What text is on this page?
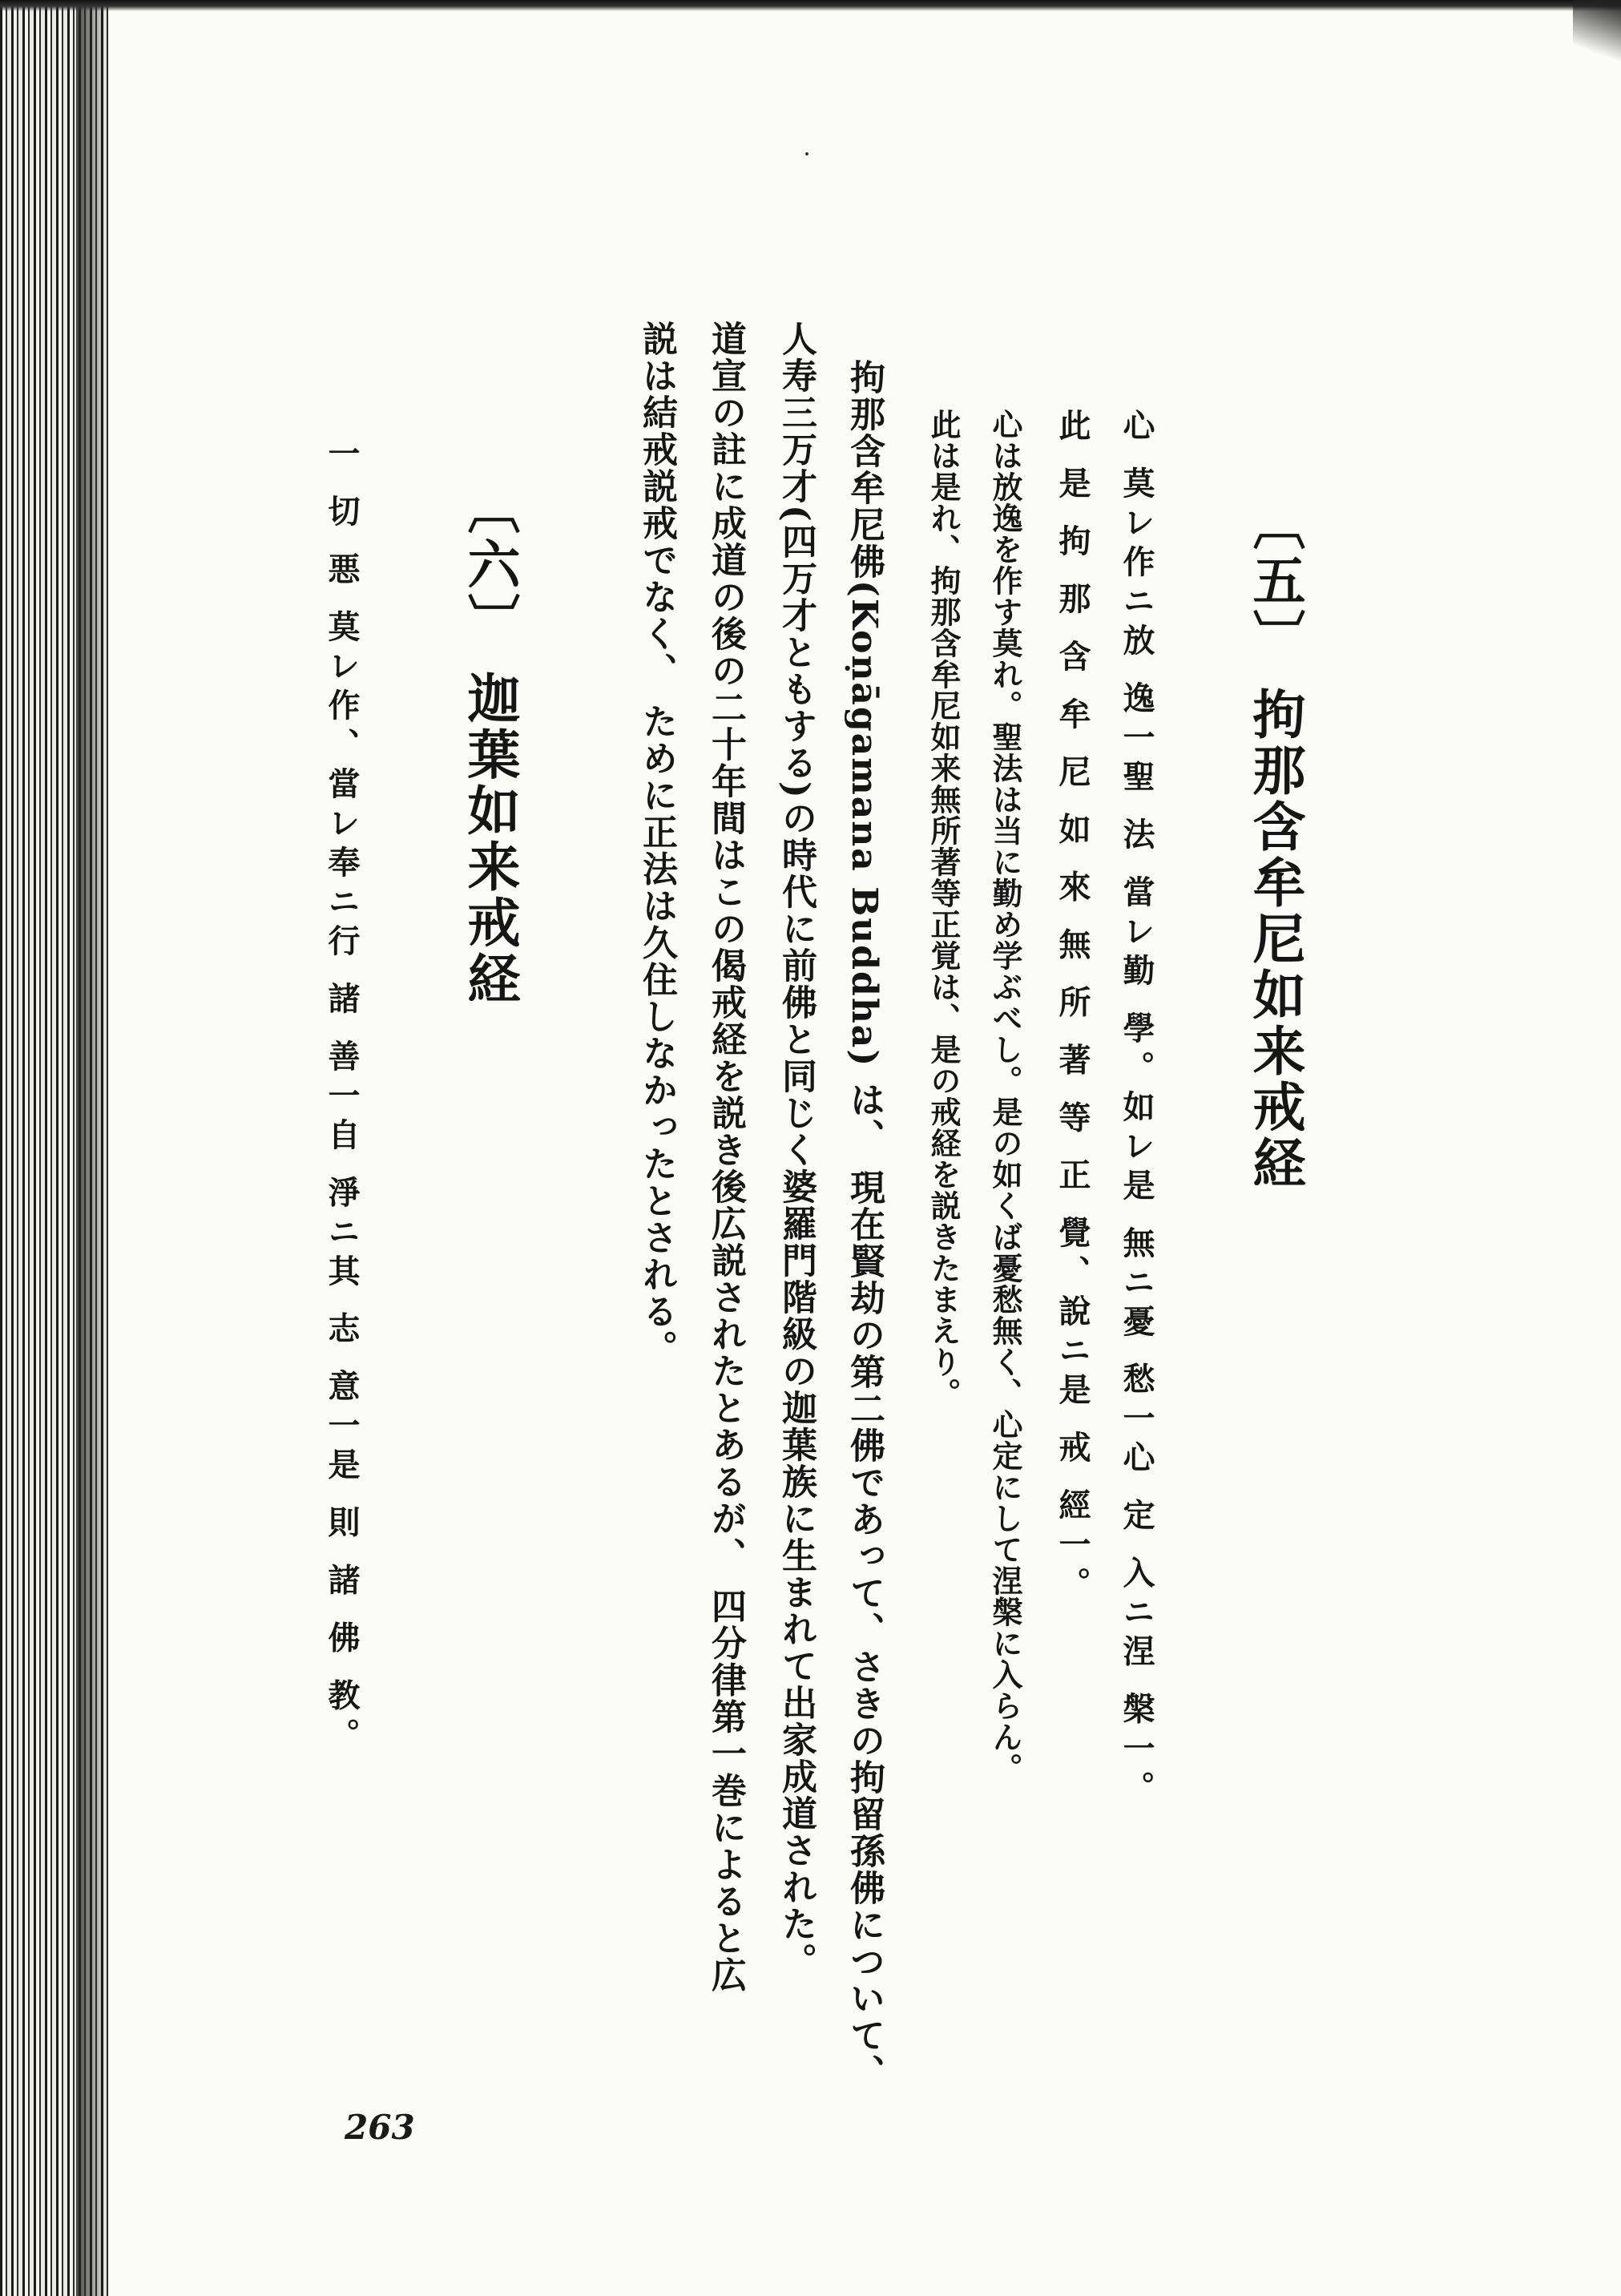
〔五〕 拘那含牟尼如来戒経
心 莫レ作ニ放 逸一聖 法 當レ勤 學。如レ是 無ニ憂 愁一心 定 入ニ涅 槃一。
此 是 拘 那 含 牟 尼 如 來 無 所 著 等 正 覺、說ニ是 戒 經一。
心は放逸を作す莫れ。聖法は当に勤め学ぶべし。是の如くば憂愁無く、心定にして涅槃に入らん。
此は是れ、拘那含牟尼如来無所著等正覚は、是の戒経を説きたまえり。
拘那含牟尼佛(Koṇāgamana Buddha) は、 現在賢劫の第二佛であって、さきの拘留孫佛について、
人寿三万才(四万才ともする)の時代に前佛と同じく婆羅門階級の迦葉族に生まれて出家成道された。
道宣の註に成道の後の二十年間はこの偈戒経を説き後広説されたとあるが、 四分律第一巻によると広
説は結戒説戒でなく、 ために正法は久住しなかったとされる。
〔六〕 迦葉如来戒経
一 切 悪 莫レ作、當レ奉ニ行 諸 善一自 淨ニ其 志 意一是 則 諸 佛 教。
263
